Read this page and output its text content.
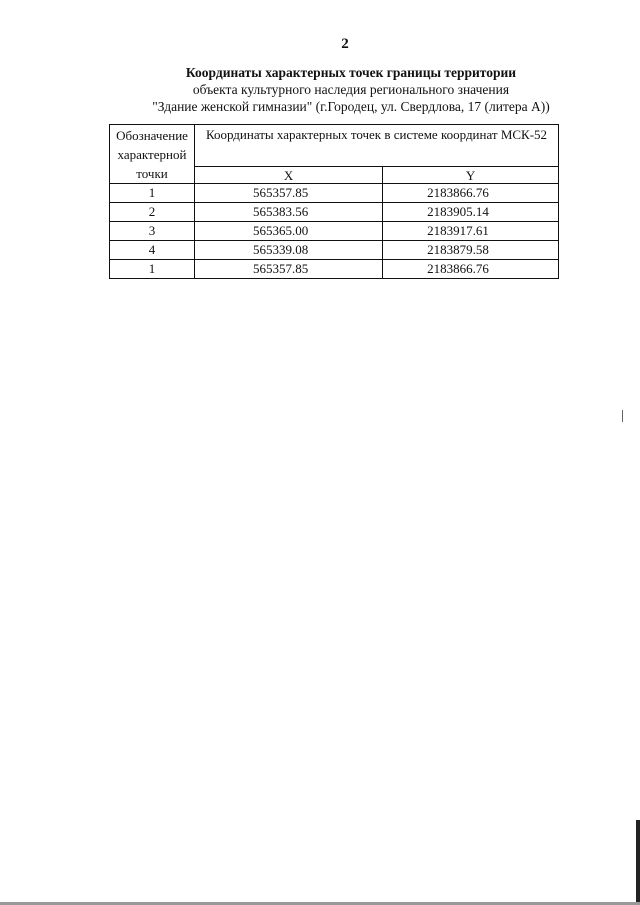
2
Координаты характерных точек границы территории
объекта культурного наследия регионального значения
"Здание женской гимназии" (г.Городец, ул. Свердлова, 17 (литера А))
Обозначение характерной точки	Координаты характерных точек в системе координат МСК-52	
	X	Y
1	565357.85	2183866.76
2	565383.56	2183905.14
3	565365.00	2183917.61
4	565339.08	2183879.58
1	565357.85	2183866.76
